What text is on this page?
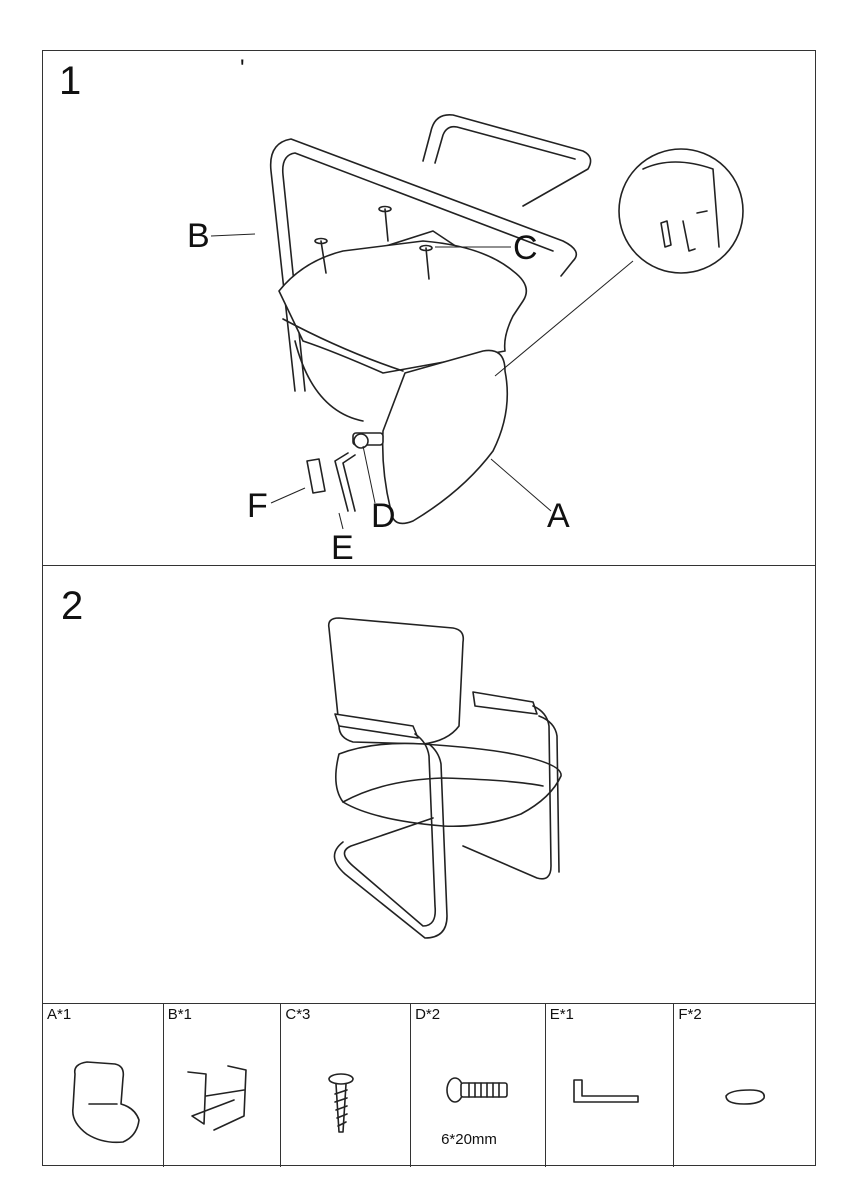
1	'
B	C
A
F	D
E
2
A*1	B*1	C*3	D*2
6*20mm
E*1	F*2
